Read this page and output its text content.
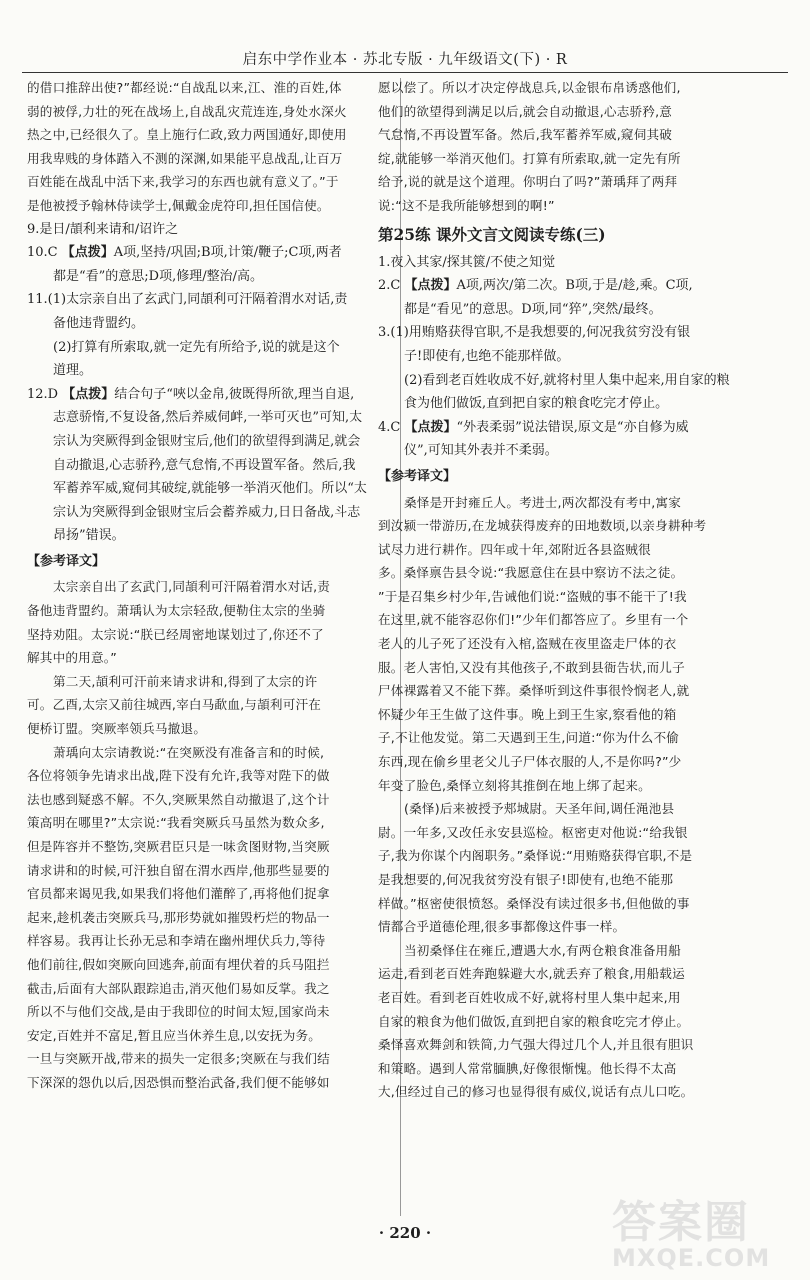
启东中学作业本 · 苏北专版 · 九年级语文(下) · R

的借口推辞出使?”都经说:“自战乱以来,江、淮的百姓,体

弱的被俘,力壮的死在战场上,自战乱灾荒连连,身处水深火

热之中,已经很久了。皇上施行仁政,致力两国通好,即使用

用我卑贱的身体踏入不测的深渊,如果能平息战乱,让百万

百姓能在战乱中活下来,我学习的东西也就有意义了。”于

是他被授予翰林侍读学士,佩戴金虎符印,担任国信使。

9.是日/頡利来请和/诏许之

10.C 【点拨】A项,坚持/巩固;B项,计策/鞭子;C项,两者

都是“看”的意思;D项,修理/整治/高。

11.(1)太宗亲自出了玄武门,同頡利可汗隔着渭水对话,责

备他违背盟约。

(2)打算有所索取,就一定先有所给予,说的就是这个

道理。

12.D 【点拨】结合句子“唊以金帛,彼既得所欲,理当自退,

志意骄惰,不复设备,然后养威伺衅,一举可灭也”可知,太

宗认为突厥得到金银财宝后,他们的欲望得到满足,就会

自动撤退,心志骄矜,意气怠惰,不再设置军备。然后,我

军蓄养军威,窥伺其破绽,就能够一举消灭他们。所以“太

宗认为突厥得到金银财宝后会蓄养威力,日日备战,斗志

昂扬”错误。

【参考译文】

太宗亲自出了玄武门,同頡利可汗隔着渭水对话,责

备他违背盟约。萧瑀认为太宗轻敌,便勒住太宗的坐骑

坚持劝阻。太宗说:“朕已经周密地谋划过了,你还不了

解其中的用意。”

第二天,頡利可汗前来请求讲和,得到了太宗的许

可。乙酉,太宗又前往城西,宰白马歃血,与頡利可汗在

便桥订盟。突厥率领兵马撤退。

萧瑀向太宗请教说:“在突厥没有准备言和的时候,

各位将领争先请求出战,陛下没有允许,我等对陛下的做

法也感到疑惑不解。不久,突厥果然自动撤退了,这个计

策高明在哪里?”太宗说:“我看突厥兵马虽然为数众多,

但是阵容并不整饬,突厥君臣只是一味贪图财物,当突厥

请求讲和的时候,可汗独自留在渭水西岸,他那些显要的

官员都来谒见我,如果我们将他们灌醉了,再将他们捉拿

起来,趁机袭击突厥兵马,那形势就如摧毁朽烂的物品一

样容易。我再让长孙无忌和李靖在幽州埋伏兵力,等待

他们前往,假如突厥向回逃奔,前面有埋伏着的兵马阻拦

截击,后面有大部队跟踪追击,消灭他们易如反掌。我之

所以不与他们交战,是由于我即位的时间太短,国家尚未

安定,百姓并不富足,暂且应当休养生息,以安抚为务。

一旦与突厥开战,带来的损失一定很多;突厥在与我们结

下深深的怨仇以后,因恐惧而整治武备,我们便不能够如

愿以偿了。所以才决定停战息兵,以金银布帛诱惑他们,

他们的欲望得到满足以后,就会自动撤退,心志骄矜,意

气怠惰,不再设置军备。然后,我军蓄养军威,窥伺其破

绽,就能够一举消灭他们。打算有所索取,就一定先有所

给予,说的就是这个道理。你明白了吗?”萧瑀拜了两拜

说:“这不是我所能够想到的啊!”

第25练 课外文言文阅读专练(三)

1.夜入其家/探其篋/不使之知觉

2.C 【点拨】A项,两次/第二次。B项,于是/趁,乘。C项,

都是“看见”的意思。D项,同“猝”,突然/最终。

3.(1)用贿赂获得官职,不是我想要的,何况我贫穷没有银

子!即使有,也绝不能那样做。

(2)看到老百姓收成不好,就将村里人集中起来,用自家的粮

食为他们做饭,直到把自家的粮食吃完才停止。

4.C 【点拨】“外表柔弱”说法错误,原文是“亦自修为威

仪”,可知其外表并不柔弱。

【参考译文】

桑怿是开封雍丘人。考进士,两次都没有考中,寓家

到汝颍一带游历,在龙城获得废弃的田地数顷,以亲身耕种考

试尽力进行耕作。四年或十年,郊附近各县盗贼很

多。桑怿禀告县令说:“我愿意住在县中察访不法之徒。

”于是召集乡村少年,告诫他们说:“盗贼的事不能干了!我

在这里,就不能容忍你们!”少年们都答应了。乡里有一个

老人的儿子死了还没有入棺,盗贼在夜里盗走尸体的衣

服。老人害怕,又没有其他孩子,不敢到县衙告状,而儿子

尸体裸露着又不能下葬。桑怿听到这件事很怜悯老人,就

怀疑少年王生做了这件事。晚上到王生家,察看他的箱

子,不让他发觉。第二天遇到王生,问道:“你为什么不偷

东西,现在偷乡里老父儿子尸体衣服的人,不是你吗?”少

年变了脸色,桑怿立刻将其推倒在地上绑了起来。

(桑怿)后来被授予郏城尉。天圣年间,调任渑池县

尉。一年多,又改任永安县巡检。枢密吏对他说:“给我银

子,我为你谋个内阁职务。”桑怿说:“用贿赂获得官职,不是

是我想要的,何况我贫穷没有银子!即使有,也绝不能那

样做。”枢密使很愤怒。桑怿没有读过很多书,但他做的事

情都合乎道德伦理,很多事都像这件事一样。

当初桑怿住在雍丘,遭遇大水,有两仓粮食准备用船

运走,看到老百姓奔跑躲避大水,就丢弃了粮食,用船载运

老百姓。看到老百姓收成不好,就将村里人集中起来,用

自家的粮食为他们做饭,直到把自家的粮食吃完才停止。

桑怿喜欢舞剑和铁简,力气强大得过几个人,并且很有胆识

和策略。遇到人常常腼腆,好像很惭愧。他长得不太高

大,但经过自己的修习也显得很有威仪,说话有点儿口吃。

· 220 ·	答案圈
MXQE.COM
